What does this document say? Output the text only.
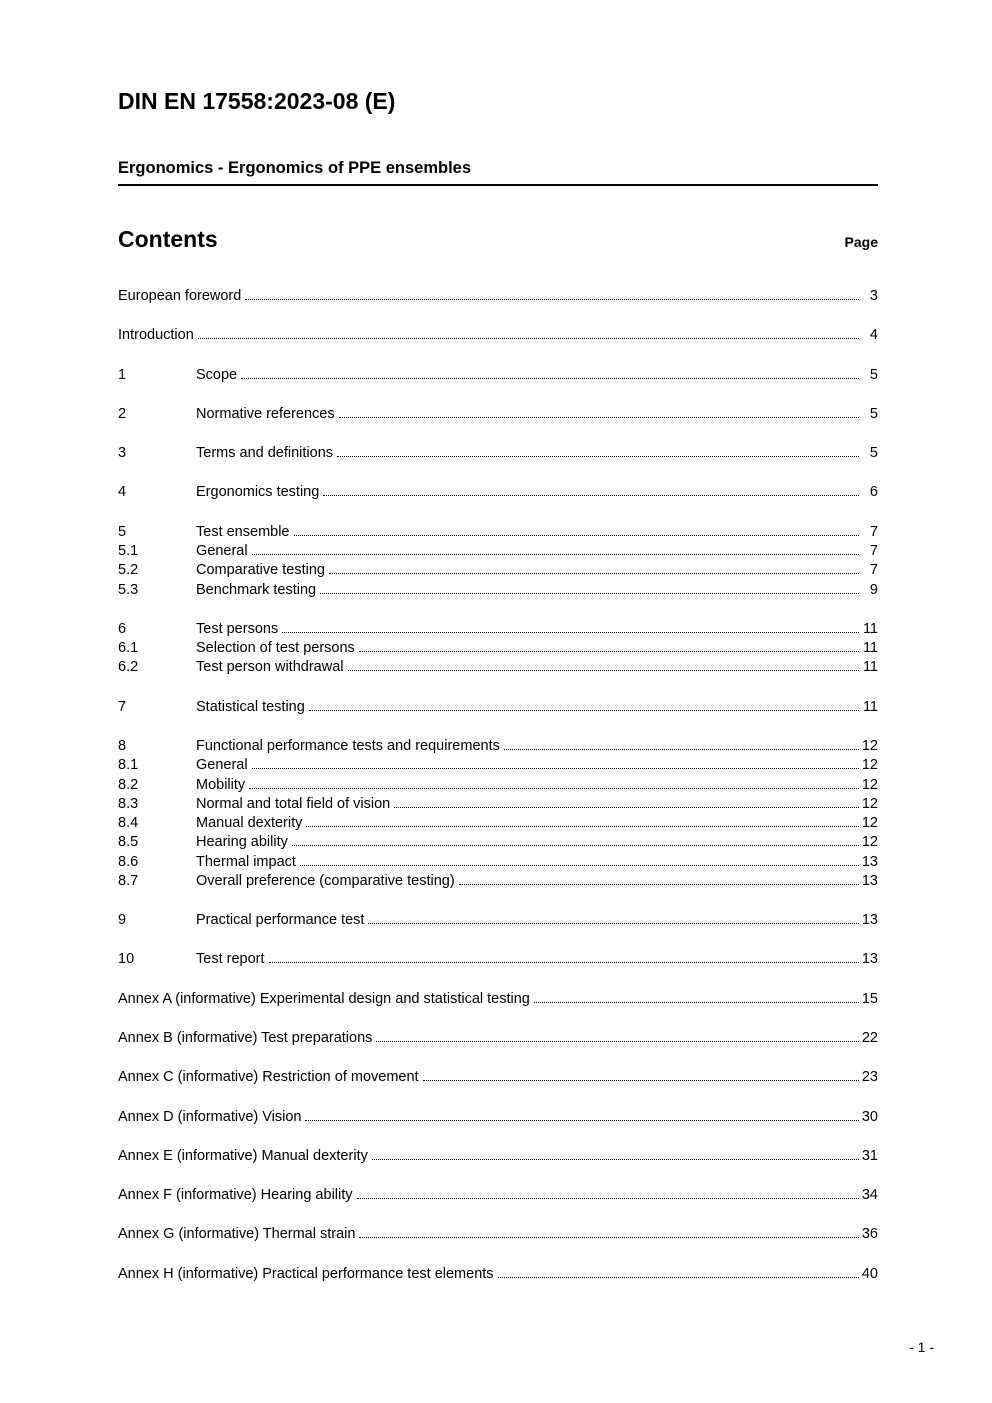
DIN EN 17558:2023-08 (E)
Ergonomics - Ergonomics of PPE ensembles
Contents	Page
European foreword	3
Introduction	4
1	Scope	5
2	Normative references	5
3	Terms and definitions	5
4	Ergonomics testing	6
5	Test ensemble	7
5.1	General	7
5.2	Comparative testing	7
5.3	Benchmark testing	9
6	Test persons	11
6.1	Selection of test persons	11
6.2	Test person withdrawal	11
7	Statistical testing	11
8	Functional performance tests and requirements	12
8.1	General	12
8.2	Mobility	12
8.3	Normal and total field of vision	12
8.4	Manual dexterity	12
8.5	Hearing ability	12
8.6	Thermal impact	13
8.7	Overall preference (comparative testing)	13
9	Practical performance test	13
10	Test report	13
Annex A (informative) Experimental design and statistical testing	15
Annex B (informative) Test preparations	22
Annex C (informative) Restriction of movement	23
Annex D (informative) Vision	30
Annex E (informative) Manual dexterity	31
Annex F (informative) Hearing ability	34
Annex G (informative) Thermal strain	36
Annex H (informative) Practical performance test elements	40
- 1 -
